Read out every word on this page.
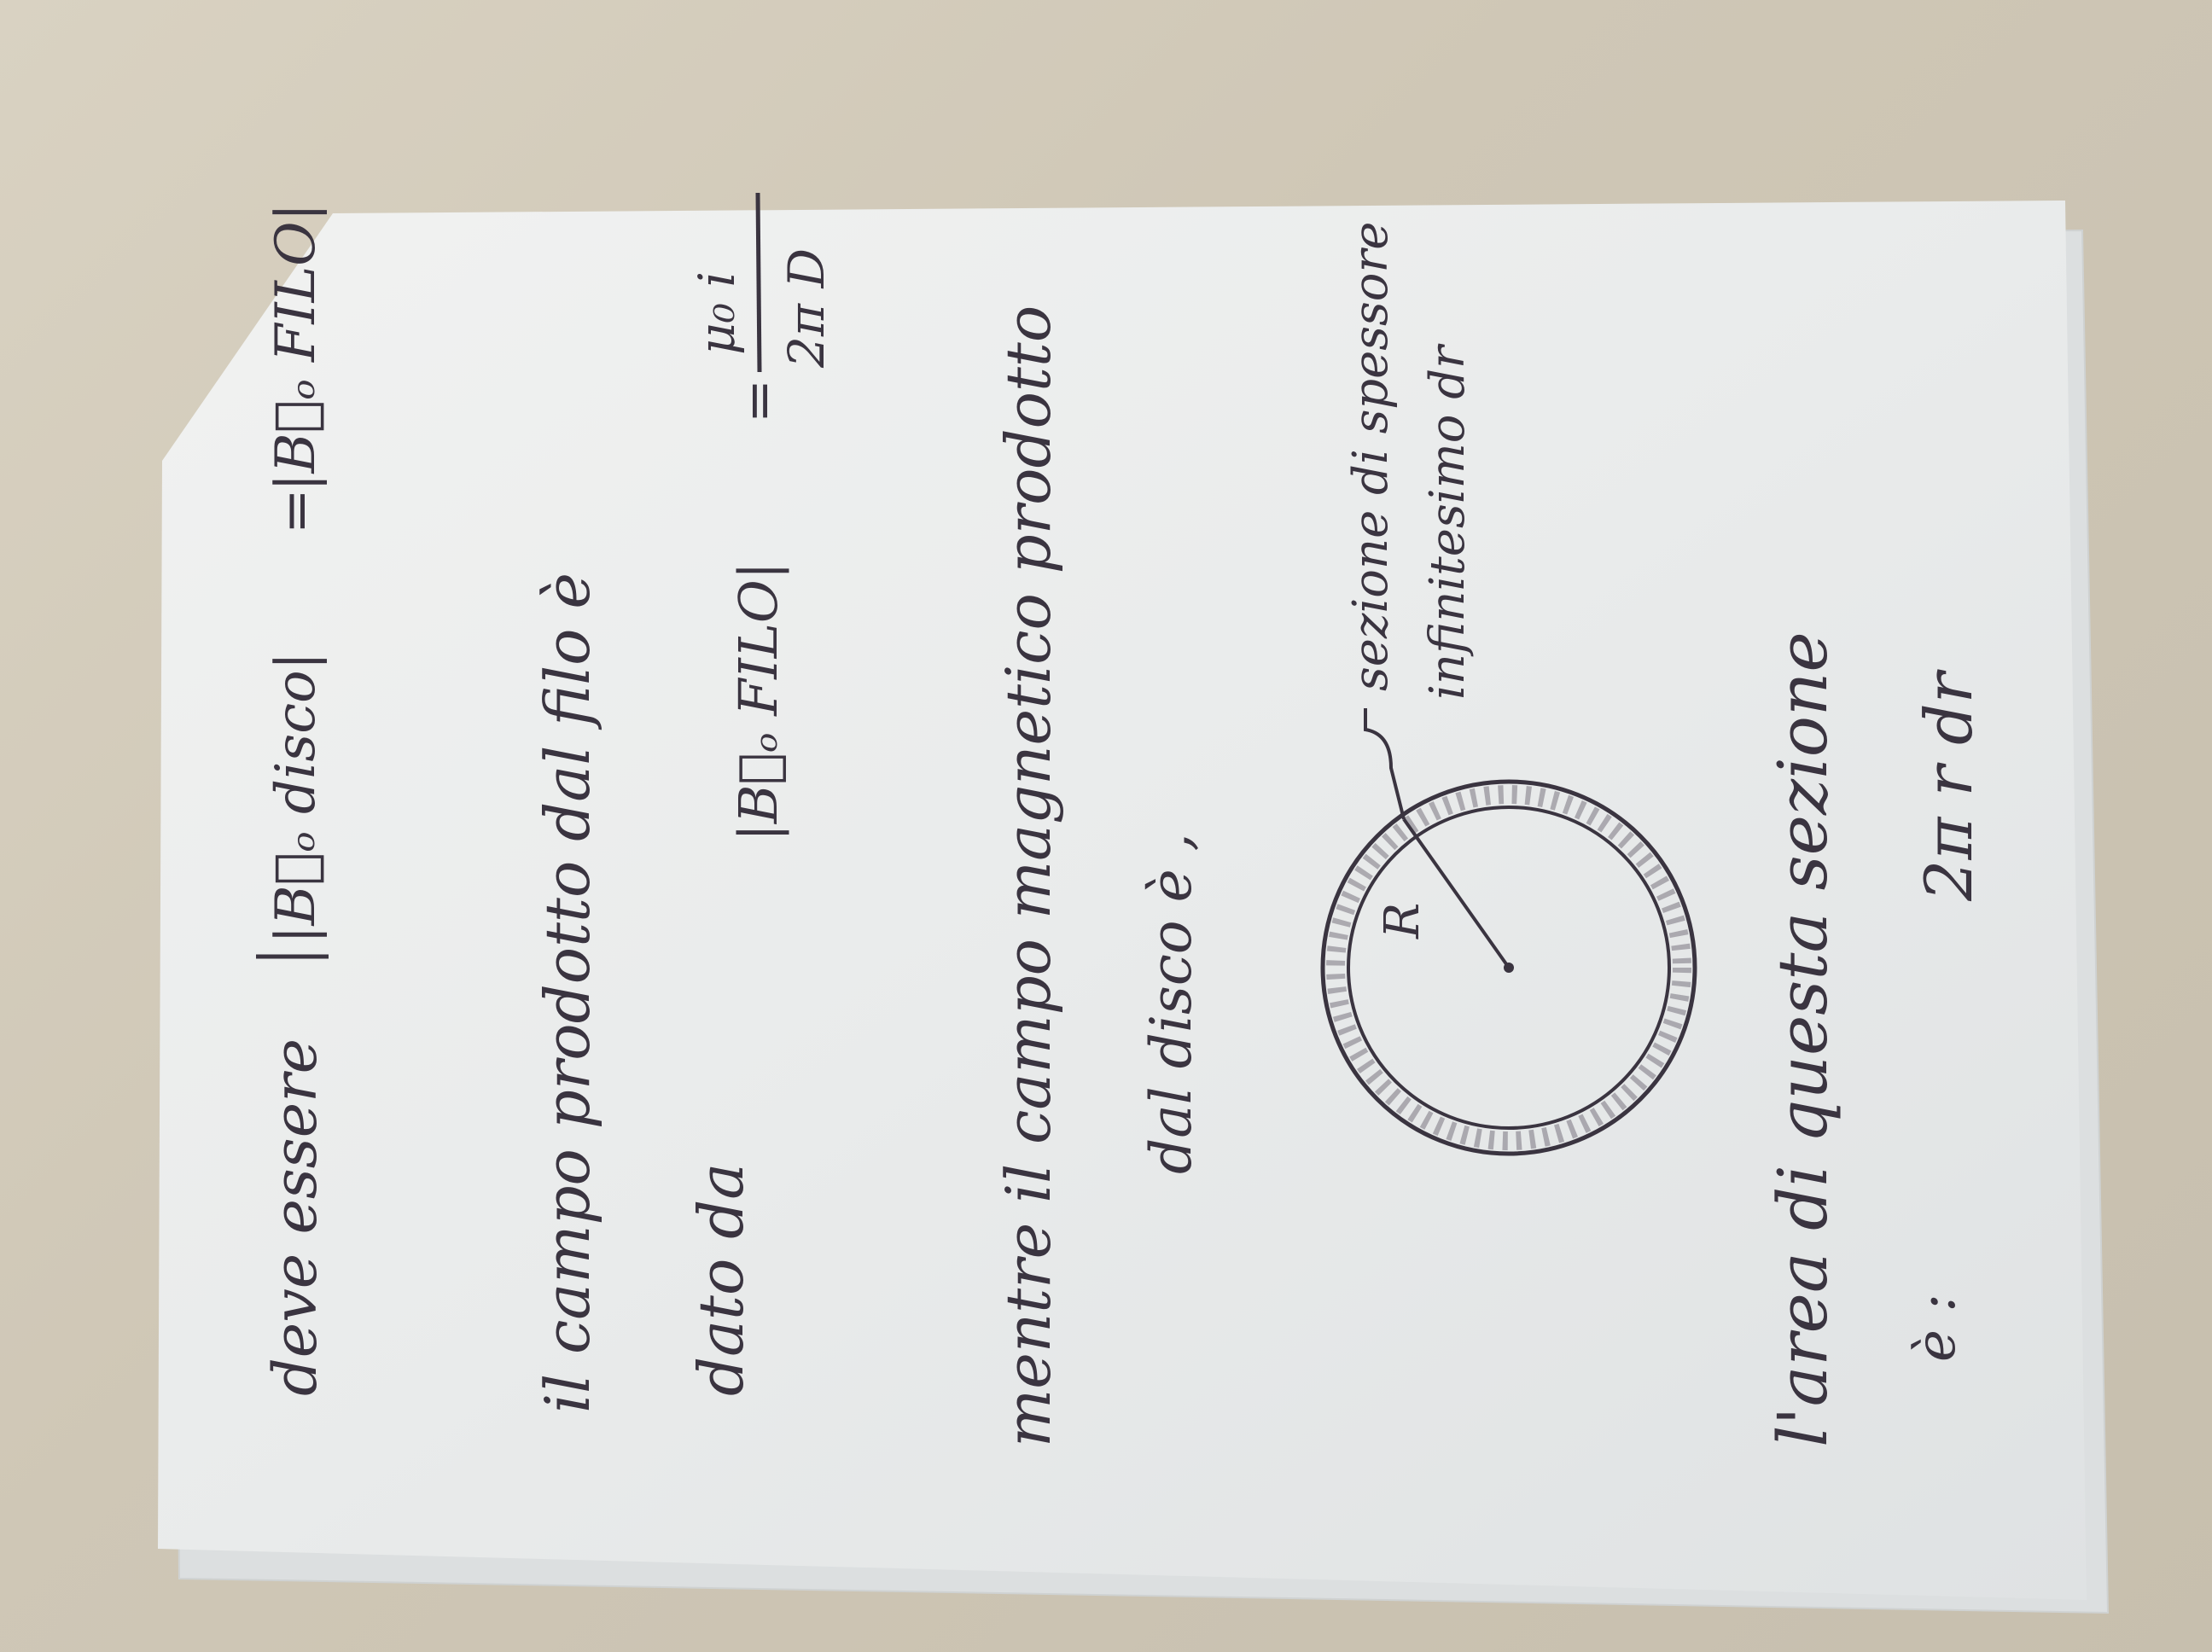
deve essere
|B⃗ₒ disco|
=
|B⃗ₒ FILO|
il campo prodotto dal filo è dato da
|B⃗ₒ FILO|
=
μ₀ i 2π D	mentre il campo magnetico prodotto dal disco è ,	l'area di questa sezione è :
2π r dr
R
sezione di spessore infinitesimo dr
